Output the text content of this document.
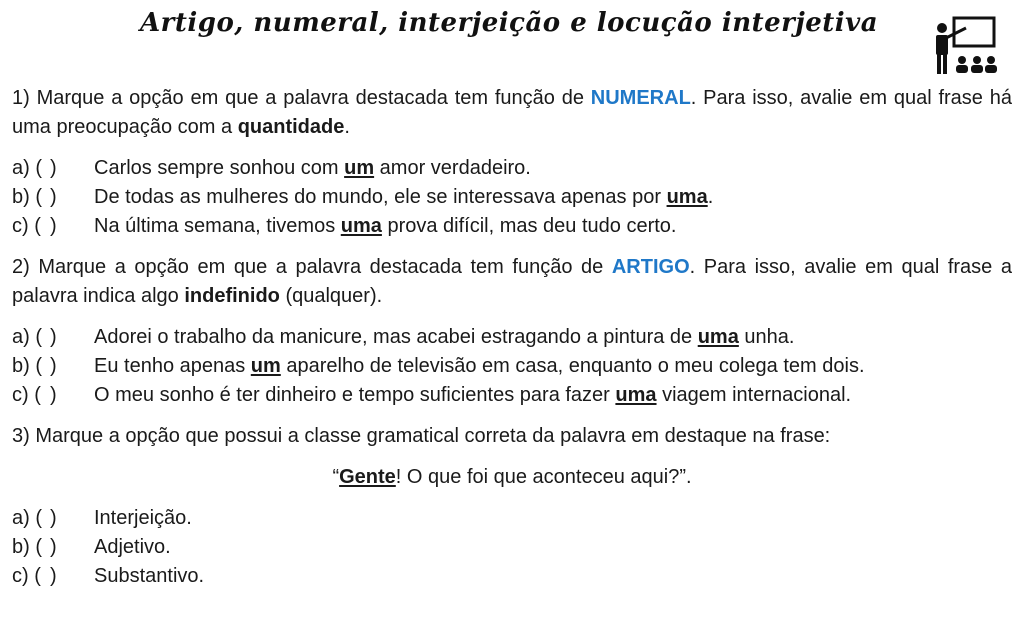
Artigo, numeral, interjeição e locução interjetiva

1) Marque a opção em que a palavra destacada tem função de NUMERAL. Para isso, avalie em qual frase há uma preocupação com a quantidade.

a) ( ) Carlos sempre sonhou com um amor verdadeiro.

b) ( ) De todas as mulheres do mundo, ele se interessava apenas por uma.

c) ( ) Na última semana, tivemos uma prova difícil, mas deu tudo certo.

2) Marque a opção em que a palavra destacada tem função de ARTIGO. Para isso, avalie em qual frase a palavra indica algo indefinido (qualquer).

a) ( ) Adorei o trabalho da manicure, mas acabei estragando a pintura de uma unha.

b) ( ) Eu tenho apenas um aparelho de televisão em casa, enquanto o meu colega tem dois.

c) ( ) O meu sonho é ter dinheiro e tempo suficientes para fazer uma viagem internacional.

3) Marque a opção que possui a classe gramatical correta da palavra em destaque na frase:

“Gente! O que foi que aconteceu aqui?”.

a) ( ) Interjeição.

b) ( ) Adjetivo.

c) ( ) Substantivo.
